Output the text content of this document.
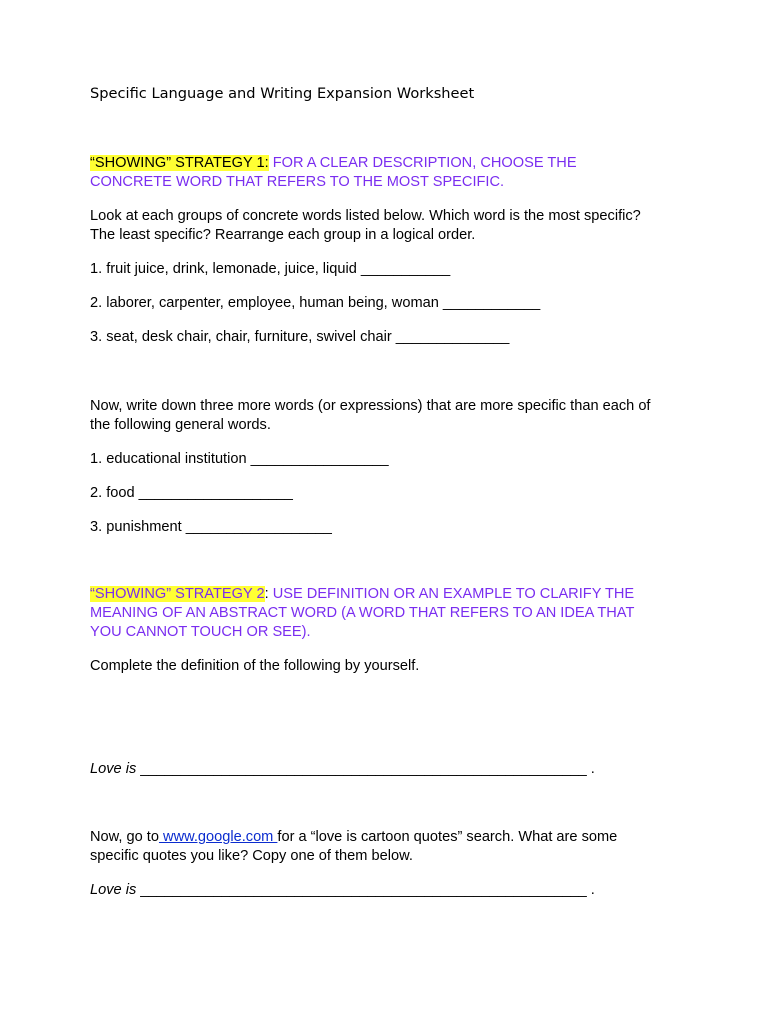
Specific Language and Writing Expansion Worksheet
“SHOWING” STRATEGY 1: FOR A CLEAR DESCRIPTION, CHOOSE THE
CONCRETE WORD THAT REFERS TO THE MOST SPECIFIC.
Look at each groups of concrete words listed below. Which word is the most specific?
The least specific? Rearrange each group in a logical order.
1. fruit juice, drink, lemonade, juice, liquid ___________
2. laborer, carpenter, employee, human being, woman ____________
3. seat, desk chair, chair, furniture, swivel chair ______________
Now, write down three more words (or expressions) that are more specific than each of
the following general words.
1. educational institution _________________
2. food ___________________
3. punishment __________________
“SHOWING” STRATEGY 2: USE DEFINITION OR AN EXAMPLE TO CLARIFY THE
MEANING OF AN ABSTRACT WORD (A WORD THAT REFERS TO AN IDEA THAT
YOU CANNOT TOUCH OR SEE).
Complete the definition of the following by yourself.
Love is _______________________________________________________ .
Now, go to www.google.com for a “love is cartoon quotes” search. What are some
specific quotes you like? Copy one of them below.
Love is _______________________________________________________ .
